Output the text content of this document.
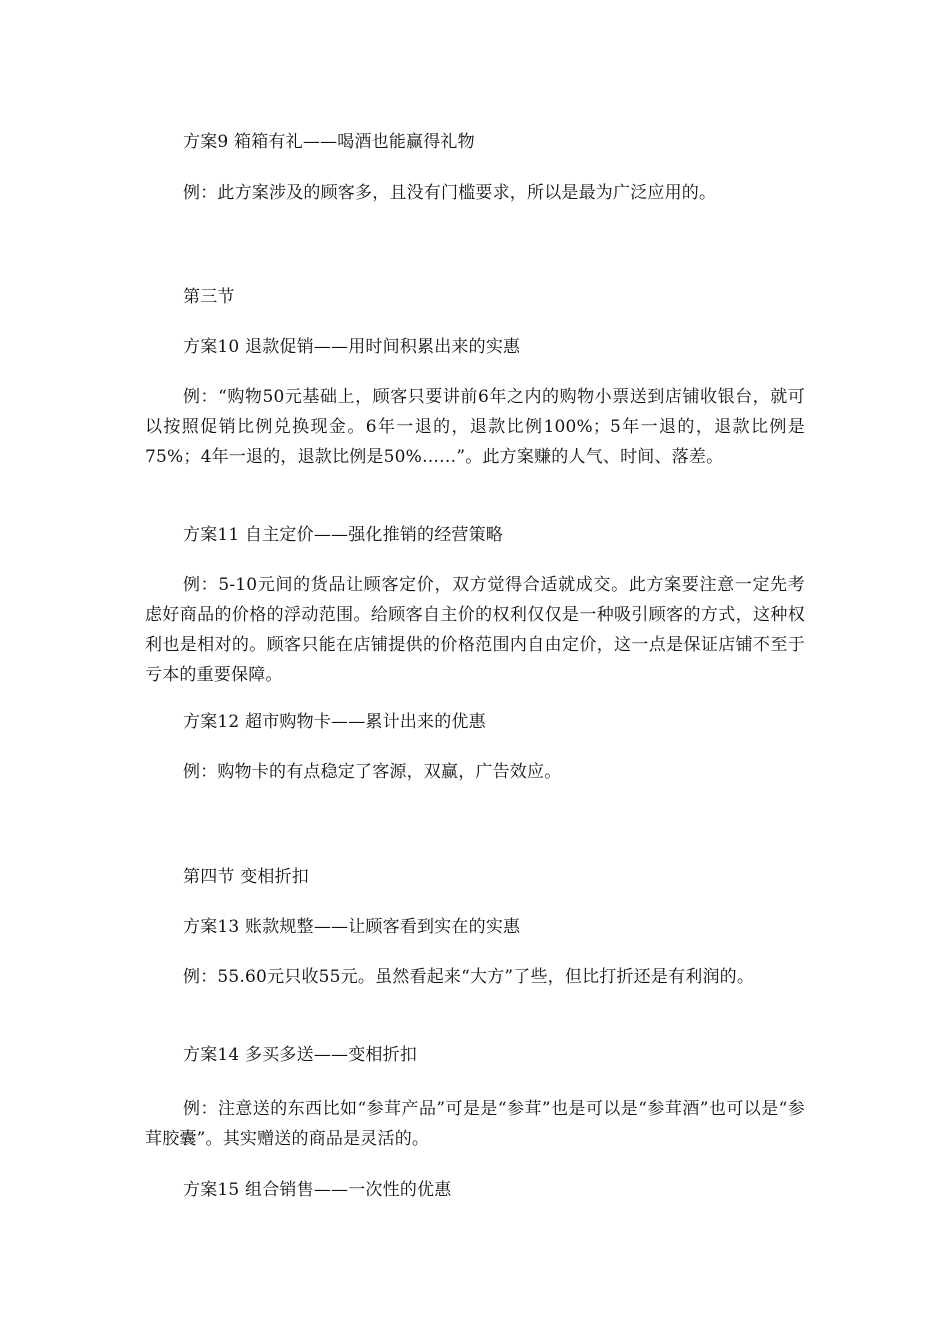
方案9 箱箱有礼——喝酒也能赢得礼物

例：此方案涉及的顾客多，且没有门槛要求，所以是最为广泛应用的。

第三节

方案10 退款促销——用时间积累出来的实惠

例：“购物50元基础上，顾客只要讲前6年之内的购物小票送到店铺收银台，就可以按照促销比例兑换现金。6年一退的，退款比例100%；5年一退的，退款比例是75%；4年一退的，退款比例是50%……”。此方案赚的人气、时间、落差。

方案11 自主定价——强化推销的经营策略

例：5-10元间的货品让顾客定价，双方觉得合适就成交。此方案要注意一定先考虑好商品的价格的浮动范围。给顾客自主价的权利仅仅是一种吸引顾客的方式，这种权利也是相对的。顾客只能在店铺提供的价格范围内自由定价，这一点是保证店铺不至于亏本的重要保障。

方案12 超市购物卡——累计出来的优惠

例：购物卡的有点稳定了客源，双赢，广告效应。

第四节 变相折扣

方案13 账款规整——让顾客看到实在的实惠

例：55.60元只收55元。虽然看起来“大方”了些，但比打折还是有利润的。

方案14 多买多送——变相折扣

例：注意送的东西比如“参茸产品”可是是“参茸”也是可以是“参茸酒”也可以是“参茸胶囊”。其实赠送的商品是灵活的。

方案15 组合销售——一次性的优惠
